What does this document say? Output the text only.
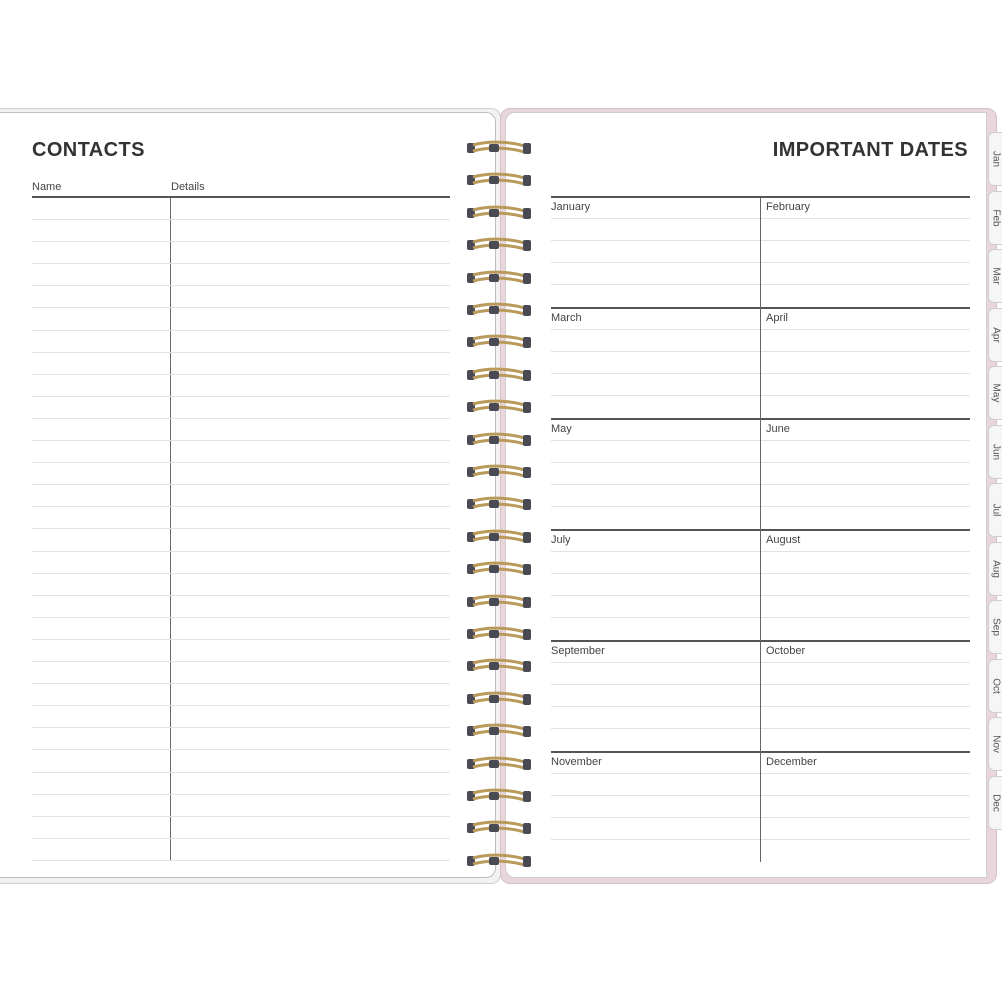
CONTACTS
Name	Details
IMPORTANT DATES
January	February
March	April
May	June
July	August
September	October
November	December
Jan
Feb
Mar
Apr
May
Jun
Jul
Aug
Sep
Oct
Nov
Dec
